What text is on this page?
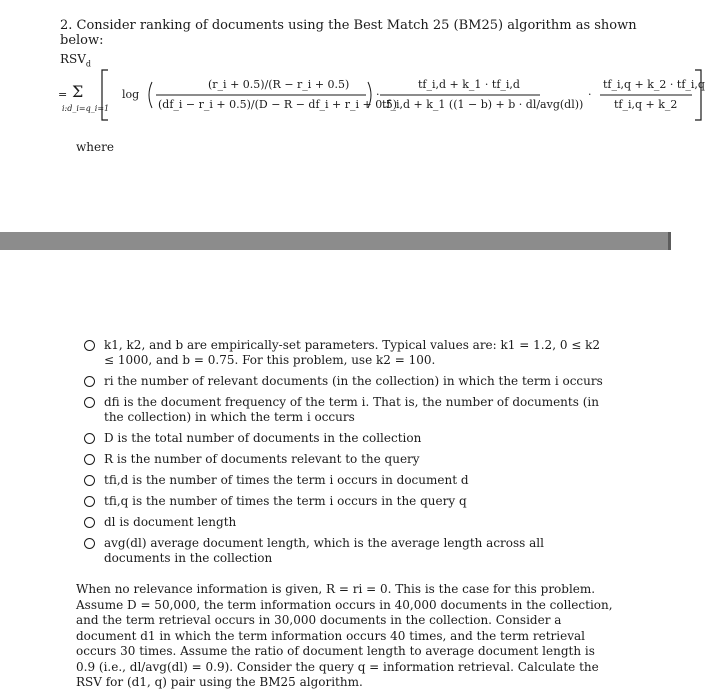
2. Consider ranking of documents using the Best Match 25 (BM25) algorithm as shown below:
$RSV_d$
= Σ
i:d_i=q_i=1
log
(r_i + 0.5)/(R − r_i + 0.5)
(df_i − r_i + 0.5)/(D − R − df_i + r_i + 0.5)
·
tf_i,d + k_1 · tf_i,d
tf_i,d + k_1 ((1 − b) + b · dl/avg(dl))
·
tf_i,q + k_2 · tf_i,q
tf_i,q + k_2
where
k1, k2, and b are empirically-set parameters. Typical values are: k1 = 1.2, 0 ≤ k2 ≤ 1000, and b = 0.75. For this problem, use k2 = 100.
ri the number of relevant documents (in the collection) in which the term i occurs
dfi is the document frequency of the term i. That is, the number of documents (in the collection) in which the term i occurs
D is the total number of documents in the collection
R is the number of documents relevant to the query
tfi,d is the number of times the term i occurs in document d
tfi,q is the number of times the term i occurs in the query q
dl is document length
avg(dl) average document length, which is the average length across all documents in the collection
When no relevance information is given, R = ri = 0. This is the case for this problem. Assume D = 50,000, the term information occurs in 40,000 documents in the collection, and the term retrieval occurs in 30,000 documents in the collection. Consider a document d1 in which the term information occurs 40 times, and the term retrieval occurs 30 times. Assume the ratio of document length to average document length is 0.9 (i.e., dl/avg(dl) = 0.9). Consider the query q = information retrieval. Calculate the RSV for (d1, q) pair using the BM25 algorithm.
